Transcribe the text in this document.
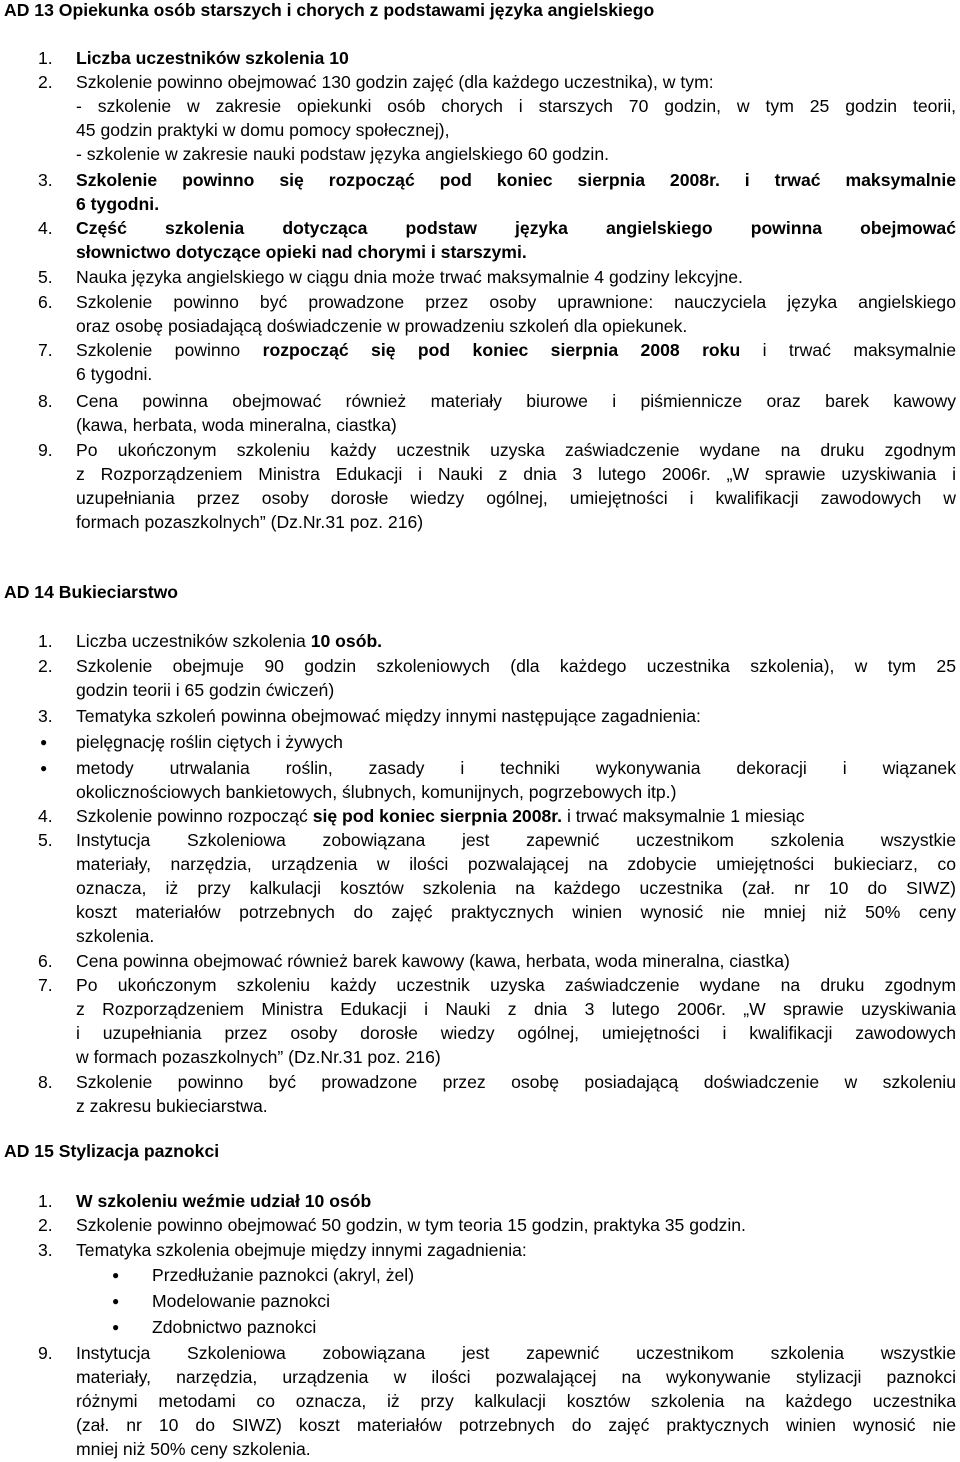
AD 13 Opiekunka osób starszych i chorych z podstawami języka angielskiego
1. Liczba uczestników szkolenia 10
2. Szkolenie powinno obejmować 130 godzin zajęć (dla każdego uczestnika), w tym:
- szkolenie w zakresie opiekunki osób chorych i starszych 70 godzin, w tym 25 godzin teorii,
45 godzin praktyki w domu pomocy społecznej),
- szkolenie w zakresie nauki podstaw języka angielskiego 60 godzin.
3. Szkolenie powinno się rozpocząć pod koniec sierpnia 2008r. i trwać maksymalnie
6 tygodni.
4. Część szkolenia dotycząca podstaw języka angielskiego powinna obejmować
słownictwo dotyczące opieki nad chorymi i starszymi.
5. Nauka języka angielskiego w ciągu dnia może trwać maksymalnie 4 godziny lekcyjne.
6. Szkolenie powinno być prowadzone przez osoby uprawnione: nauczyciela języka angielskiego
oraz osobę posiadającą doświadczenie w prowadzeniu szkoleń dla opiekunek.
7. Szkolenie powinno rozpocząć się pod koniec sierpnia 2008 roku i trwać maksymalnie
6 tygodni.
8. Cena powinna obejmować również materiały biurowe i piśmiennicze oraz barek kawowy
(kawa, herbata, woda mineralna, ciastka)
9. Po ukończonym szkoleniu każdy uczestnik uzyska zaświadczenie wydane na druku zgodnym
z Rozporządzeniem Ministra Edukacji i Nauki z dnia 3 lutego 2006r. „W sprawie uzyskiwania i
uzupełniania przez osoby dorosłe wiedzy ogólnej, umiejętności i kwalifikacji zawodowych w
formach pozaszkolnych” (Dz.Nr.31 poz. 216)
AD 14 Bukieciarstwo
1. Liczba uczestników szkolenia 10 osób.
2. Szkolenie obejmuje 90 godzin szkoleniowych (dla każdego uczestnika szkolenia), w tym 25
godzin teorii i 65 godzin ćwiczeń)
3. Tematyka szkoleń powinna obejmować między innymi następujące zagadnienia:
● pielęgnację roślin ciętych i żywych
● metody utrwalania roślin, zasady i techniki wykonywania dekoracji i wiązanek
okolicznościowych bankietowych, ślubnych, komunijnych, pogrzebowych itp.)
4. Szkolenie powinno rozpocząć się pod koniec sierpnia 2008r. i trwać maksymalnie 1 miesiąc
5. Instytucja Szkoleniowa zobowiązana jest zapewnić uczestnikom szkolenia wszystkie
materiały, narzędzia, urządzenia w ilości pozwalającej na zdobycie umiejętności bukieciarz, co
oznacza, iż przy kalkulacji kosztów szkolenia na każdego uczestnika (zał. nr 10 do SIWZ)
koszt materiałów potrzebnych do zajęć praktycznych winien wynosić nie mniej niż 50% ceny
szkolenia.
6. Cena powinna obejmować również barek kawowy (kawa, herbata, woda mineralna, ciastka)
7. Po ukończonym szkoleniu każdy uczestnik uzyska zaświadczenie wydane na druku zgodnym
z Rozporządzeniem Ministra Edukacji i Nauki z dnia 3 lutego 2006r. „W sprawie uzyskiwania
i uzupełniania przez osoby dorosłe wiedzy ogólnej, umiejętności i kwalifikacji zawodowych
w formach pozaszkolnych” (Dz.Nr.31 poz. 216)
8. Szkolenie powinno być prowadzone przez osobę posiadającą doświadczenie w szkoleniu
z zakresu bukieciarstwa.
AD 15 Stylizacja paznokci
1. W szkoleniu weźmie udział 10 osób
2. Szkolenie powinno obejmować 50 godzin, w tym teoria 15 godzin, praktyka 35 godzin.
3. Tematyka szkolenia obejmuje między innymi zagadnienia:
● Przedłużanie paznokci (akryl, żel)
● Modelowanie paznokci
● Zdobnictwo paznokci
9. Instytucja Szkoleniowa zobowiązana jest zapewnić uczestnikom szkolenia wszystkie
materiały, narzędzia, urządzenia w ilości pozwalającej na wykonywanie stylizacji paznokci
różnymi metodami co oznacza, iż przy kalkulacji kosztów szkolenia na każdego uczestnika
(zał. nr 10 do SIWZ) koszt materiałów potrzebnych do zajęć praktycznych winien wynosić nie
mniej niż 50% ceny szkolenia.
